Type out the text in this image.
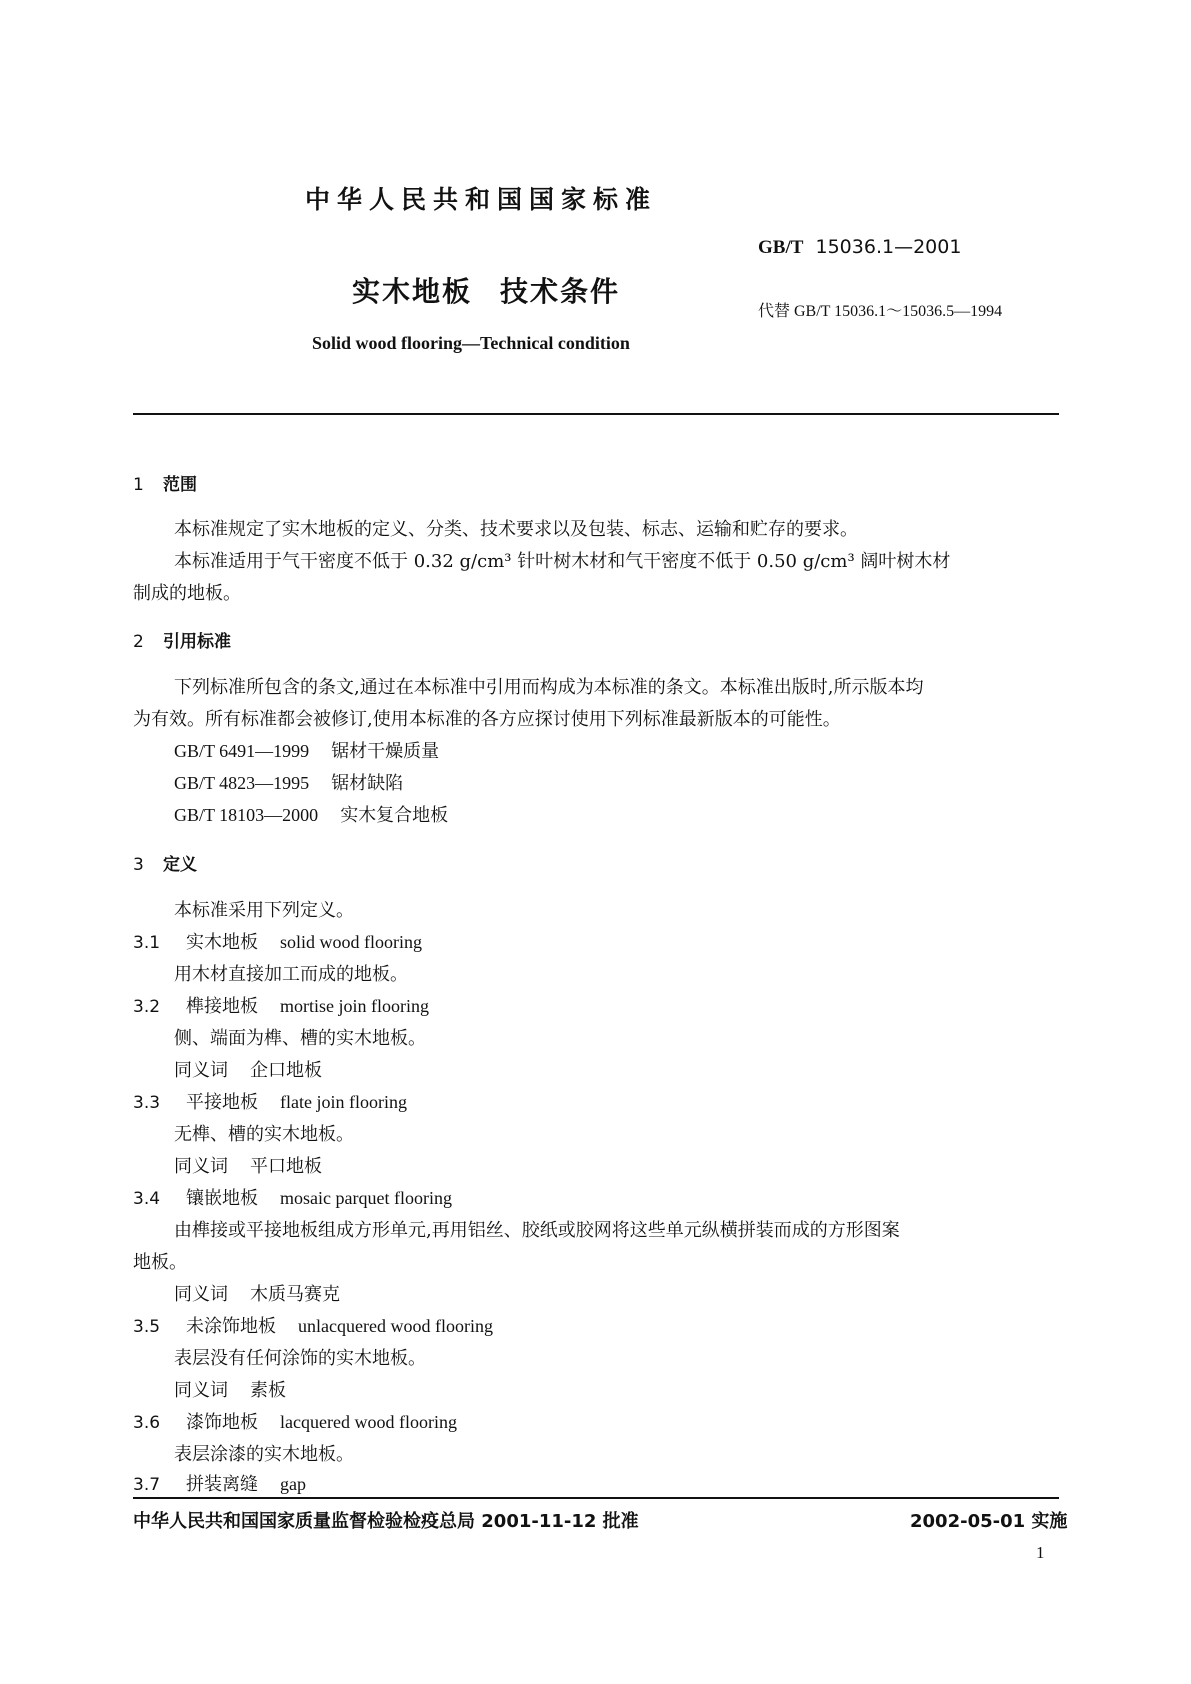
中华人民共和国国家标准
GB/T 15036.1—2001
实木地板 技术条件
代替 GB/T 15036.1～15036.5—1994
Solid wood flooring—Technical condition
1 范围
本标准规定了实木地板的定义、分类、技术要求以及包装、标志、运输和贮存的要求。
本标准适用于气干密度不低于 0.32 g/cm³ 针叶树木材和气干密度不低于 0.50 g/cm³ 阔叶树木材
制成的地板。
2 引用标准
下列标准所包含的条文,通过在本标准中引用而构成为本标准的条文。本标准出版时,所示版本均
为有效。所有标准都会被修订,使用本标准的各方应探讨使用下列标准最新版本的可能性。
GB/T 6491—1999 锯材干燥质量
GB/T 4823—1995 锯材缺陷
GB/T 18103—2000 实木复合地板
3 定义
本标准采用下列定义。
3.1 实木地板 solid wood flooring
用木材直接加工而成的地板。
3.2 榫接地板 mortise join flooring
侧、端面为榫、槽的实木地板。
同义词 企口地板
3.3 平接地板 flate join flooring
无榫、槽的实木地板。
同义词 平口地板
3.4 镶嵌地板 mosaic parquet flooring
由榫接或平接地板组成方形单元,再用铝丝、胶纸或胶网将这些单元纵横拼装而成的方形图案
地板。
同义词 木质马赛克
3.5 未涂饰地板 unlacquered wood flooring
表层没有任何涂饰的实木地板。
同义词 素板
3.6 漆饰地板 lacquered wood flooring
表层涂漆的实木地板。
3.7 拼装离缝 gap
中华人民共和国国家质量监督检验检疫总局 2001-11-12 批准	2002-05-01 实施
1
